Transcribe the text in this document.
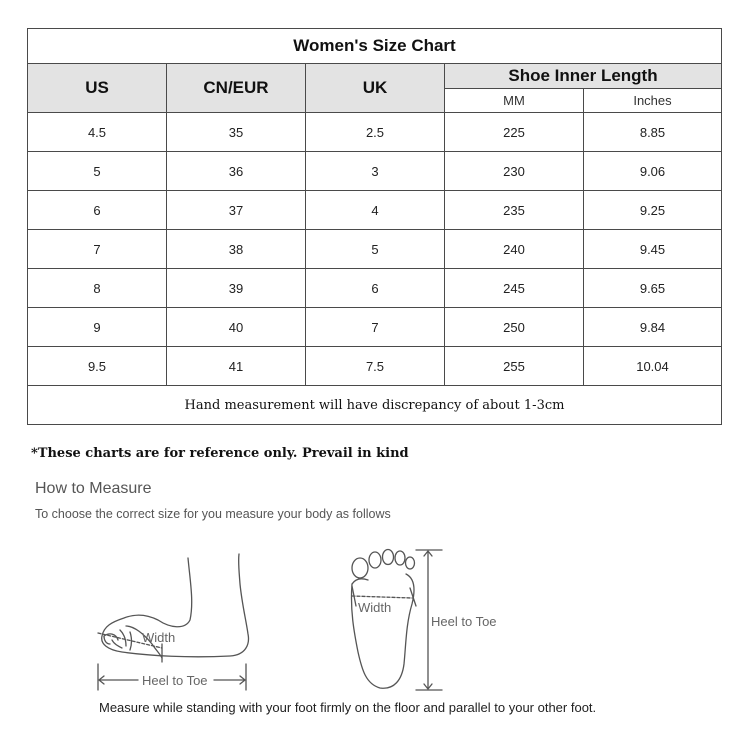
Women's Size Chart				
US	CN/EUR	UK	Shoe Inner Length	
			MM	Inches
4.5	35	2.5	225	8.85
5	36	3	230	9.06
6	37	4	235	9.25
7	38	5	240	9.45
8	39	6	245	9.65
9	40	7	250	9.84
9.5	41	7.5	255	10.04
Hand measurement will have discrepancy of about 1-3cm				
*These charts are for reference only. Prevail in kind
How to Measure
To choose the correct size for you measure your body as follows
Width
Heel to Toe
Width
Heel to Toe
Measure while standing with your foot firmly on the floor and parallel to your other foot.
